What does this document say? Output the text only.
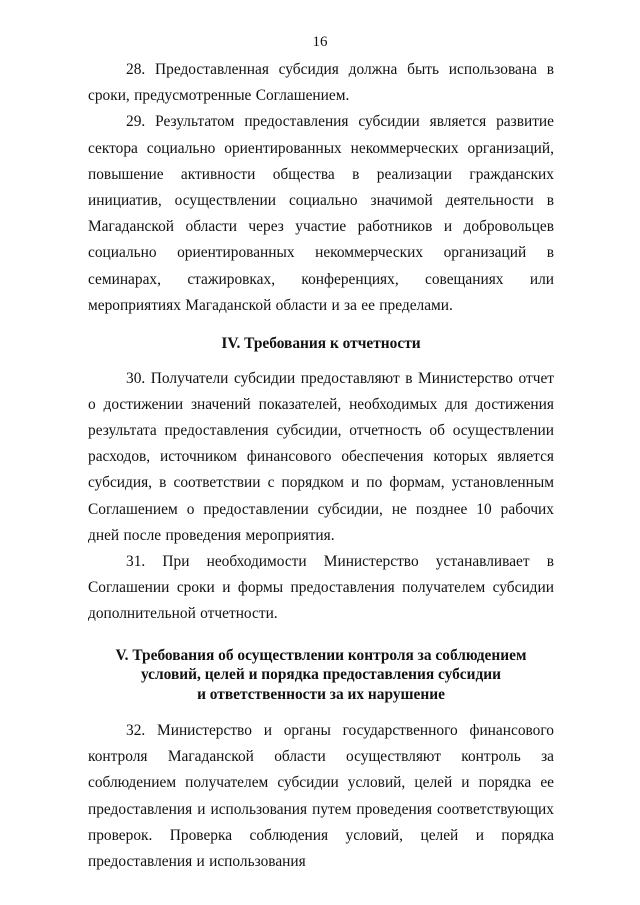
16

28. Предоставленная субсидия должна быть использована в сроки, предусмотренные Соглашением.

29. Результатом предоставления субсидии является развитие сектора социально ориентированных некоммерческих организаций, повышение активности общества в реализации гражданских инициатив, осуществлении социально значимой деятельности в Магаданской области через участие работников и добровольцев социально ориентированных некоммерческих организаций в семинарах, стажировках, конференциях, совещаниях или мероприятиях Магаданской области и за ее пределами.

IV. Требования к отчетности

30. Получатели субсидии предоставляют в Министерство отчет о достижении значений показателей, необходимых для достижения результата предоставления субсидии, отчетность об осуществлении расходов, источником финансового обеспечения которых является субсидия, в соответствии с порядком и по формам, установленным Соглашением о предоставлении субсидии, не позднее 10 рабочих дней после проведения мероприятия.

31. При необходимости Министерство устанавливает в Соглашении сроки и формы предоставления получателем субсидии дополнительной отчетности.

V. Требования об осуществлении контроля за соблюдением

условий, целей и порядка предоставления субсидии

и ответственности за их нарушение

32. Министерство и органы государственного финансового контроля Магаданской области осуществляют контроль за соблюдением получателем субсидии условий, целей и порядка ее предоставления и использования путем проведения соответствующих проверок. Проверка соблюдения условий, целей и порядка предоставления и использования
